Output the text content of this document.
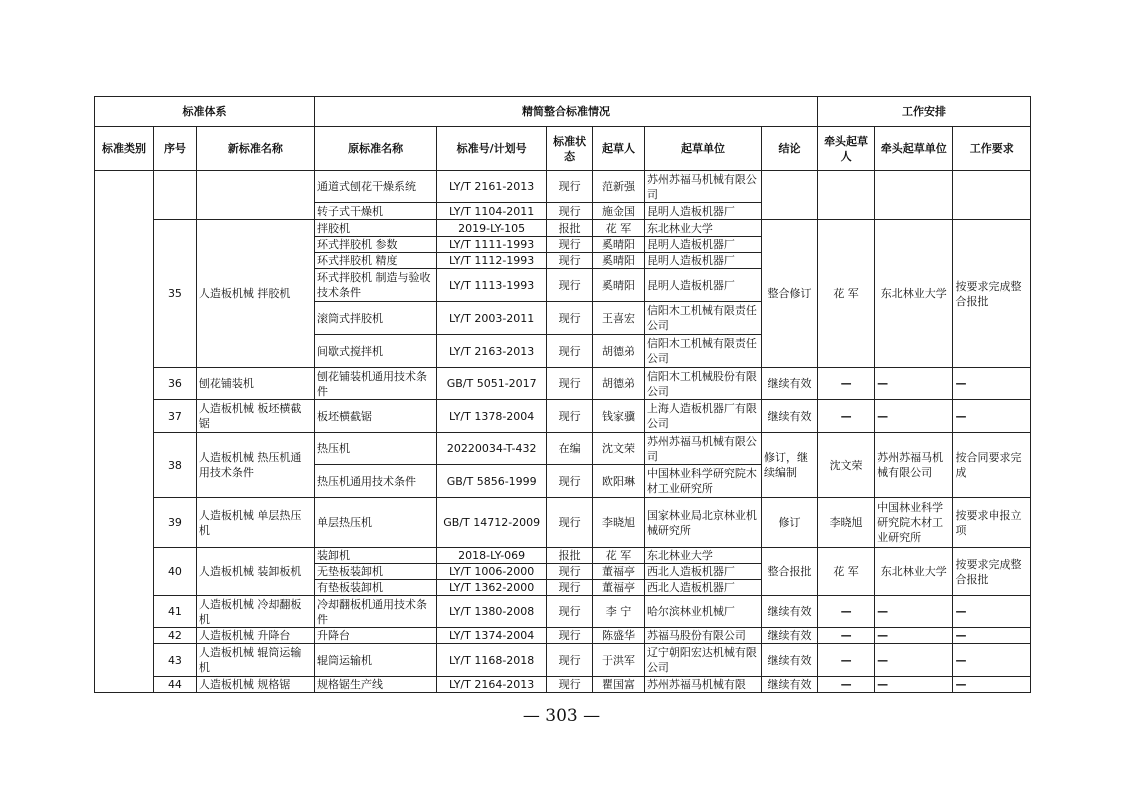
标准体系			精简整合标准情况						工作安排		
标准类别	序号	新标准名称	原标准名称	标准号/计划号	标准状态	起草人	起草单位	结论	牵头起草人	牵头起草单位	工作要求
			通道式刨花干燥系统	LY/T 2161-2013	现行	范新强	苏州苏福马机械有限公司				
			转子式干燥机	LY/T 1104-2011	现行	施金国	昆明人造板机器厂				
	35	人造板机械 拌胶机	拌胶机	2019-LY-105	报批	花 军	东北林业大学	整合修订	花 军	东北林业大学	按要求完成整合报批
			环式拌胶机 参数	LY/T 1111-1993	现行	奚晴阳	昆明人造板机器厂				
			环式拌胶机 精度	LY/T 1112-1993	现行	奚晴阳	昆明人造板机器厂				
			环式拌胶机 制造与验收技术条件	LY/T 1113-1993	现行	奚晴阳	昆明人造板机器厂				
			滚筒式拌胶机	LY/T 2003-2011	现行	王喜宏	信阳木工机械有限责任公司				
			间歇式搅拌机	LY/T 2163-2013	现行	胡德弟	信阳木工机械有限责任公司				
	36	刨花铺装机	刨花铺装机通用技术条件	GB/T 5051-2017	现行	胡德弟	信阳木工机械股份有限公司	继续有效	—	—	—
	37	人造板机械 板坯横截锯	板坯横截锯	LY/T 1378-2004	现行	钱家骥	上海人造板机器厂有限公司	继续有效	—	—	—
	38	人造板机械 热压机通用技术条件	热压机	20220034-T-432	在编	沈文荣	苏州苏福马机械有限公司	修订，继续编制	沈文荣	苏州苏福马机械有限公司	按合同要求完成
			热压机通用技术条件	GB/T 5856-1999	现行	欧阳琳	中国林业科学研究院木材工业研究所				
	39	人造板机械 单层热压机	单层热压机	GB/T 14712-2009	现行	李晓旭	国家林业局北京林业机械研究所	修订	李晓旭	中国林业科学研究院木材工业研究所	按要求申报立项
	40	人造板机械 装卸板机	装卸机	2018-LY-069	报批	花 军	东北林业大学	整合报批	花 军	东北林业大学	按要求完成整合报批
			无垫板装卸机	LY/T 1006-2000	现行	董福亭	西北人造板机器厂				
			有垫板装卸机	LY/T 1362-2000	现行	董福亭	西北人造板机器厂				
	41	人造板机械 冷却翻板机	冷却翻板机通用技术条件	LY/T 1380-2008	现行	李 宁	哈尔滨林业机械厂	继续有效	—	—	—
	42	人造板机械 升降台	升降台	LY/T 1374-2004	现行	陈盛华	苏福马股份有限公司	继续有效	—	—	—
	43	人造板机械 辊筒运输机	辊筒运输机	LY/T 1168-2018	现行	于洪军	辽宁朝阳宏达机械有限公司	继续有效	—	—	—
	44	人造板机械 规格锯	规格锯生产线	LY/T 2164-2013	现行	瞿国富	苏州苏福马机械有限	继续有效	—	—	—
— 303 —
